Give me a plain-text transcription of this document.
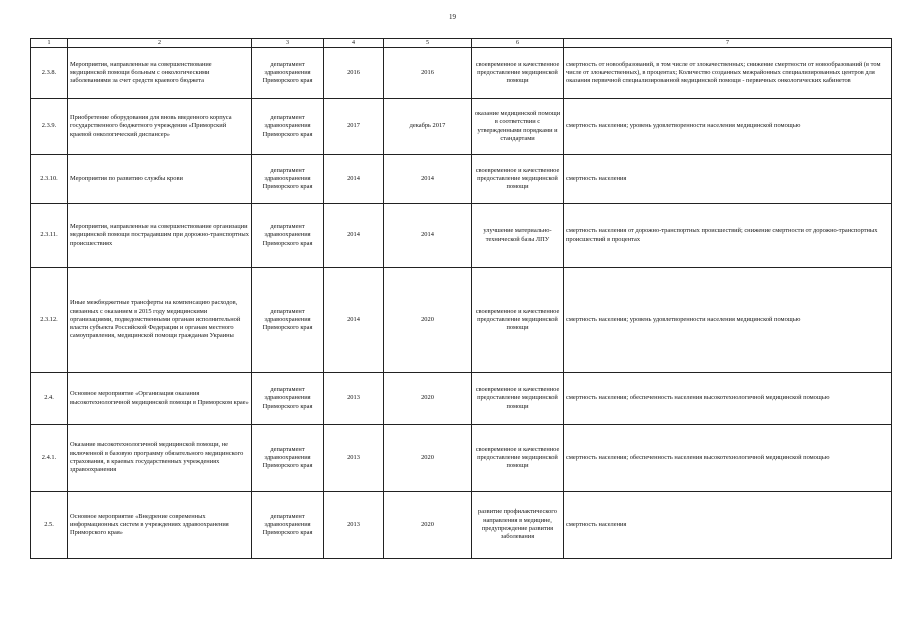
19
1	2	3	4	5	6	7
2.3.8.	Мероприятия, направленные на совершенствование медицинской помощи больным с онкологическими заболеваниями за счет средств краевого бюджета	департамент здравоохранения Приморского края	2016	2016	своевременное и качественное предоставление медицинской помощи	смертность от новообразований, в том числе от злокачественных; снижение смертности от новообразований (в том числе от злокачественных), в процентах; Количество созданных межрайонных специализированных центров для оказания первичной специализированной медицинской помощи - первичных онкологических кабинетов
2.3.9.	Приобретение оборудования для вновь введенного корпуса государственного бюджетного учреждения «Приморский краевой онкологический диспансер»	департамент здравоохранения Приморского края	2017	декабрь 2017	оказание медицинской помощи в соответствии с утвержденными порядками и стандартами	смертность населения; уровень удовлетворенности населения медицинской помощью
2.3.10.	Мероприятия по развитию службы крови	департамент здравоохранения Приморского края	2014	2014	своевременное и качественное предоставление медицинской помощи	смертность населения
2.3.11.	Мероприятия, направленные на совершенствование организации медицинской помощи пострадавшим при дорожно-транспортных происшествиях	департамент здравоохранения Приморского края	2014	2014	улучшение материально-технической базы ЛПУ	смертность населения от дорожно-транспортных происшествий; снижение смертности от дорожно-транспортных происшествий в процентах
2.3.12.	Иные межбюджетные трансферты на компенсацию расходов, связанных с оказанием в 2015 году медицинскими организациями, подведомственными органам исполнительной власти субъекта Российской Федерации и органам местного самоуправления, медицинской помощи гражданам Украины	департамент здравоохранения Приморского края	2014	2020	своевременное и качественное предоставление медицинской помощи	смертность населения; уровень удовлетворенности населения медицинской помощью
2.4.	Основное мероприятие «Организация оказания высокотехнологичной медицинской помощи в Приморском крае»	департамент здравоохранения Приморского края	2013	2020	своевременное и качественное предоставление медицинской помощи	смертность населения; обеспеченность населения высокотехнологичной медицинской помощью
2.4.1.	Оказание высокотехнологичной медицинской помощи, не включенной в базовую программу обязательного медицинского страхования, в краевых государственных учреждениях здравоохранения	департамент здравоохранения Приморского края	2013	2020	своевременное и качественное предоставление медицинской помощи	смертность населения; обеспеченность населения высокотехнологичной медицинской помощью
2.5.	Основное мероприятие «Внедрение современных информационных систем в учреждениях здравоохранения Приморского края»	департамент здравоохранения Приморского края	2013	2020	развитие профилактического направления в медицине, предупреждение развития заболевания	смертность населения
